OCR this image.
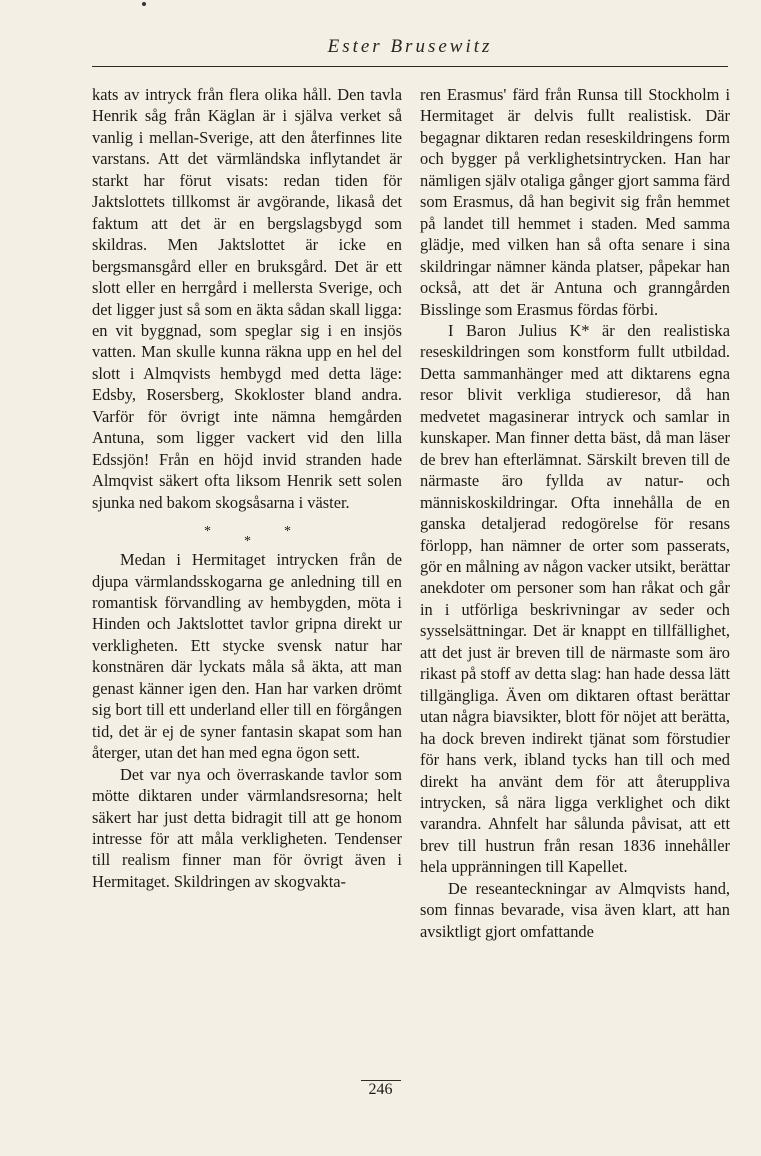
Ester Brusewitz

kats av intryck från flera olika håll. Den tavla Henrik såg från Käglan är i själva verket så vanlig i mellan-Sverige, att den återfinnes lite varstans. Att det värmländska inflytandet är starkt har förut visats: redan tiden för Jaktslottets tillkomst är avgörande, likaså det faktum att det är en bergslagsbygd som skildras. Men Jaktslottet är icke en bergsmansgård eller en bruksgård. Det är ett slott eller en herrgård i mellersta Sverige, och det ligger just så som en äkta sådan skall ligga: en vit byggnad, som speglar sig i en insjös vatten. Man skulle kunna räkna upp en hel del slott i Almqvists hembygd med detta läge: Edsby, Rosersberg, Skokloster bland andra. Varför för övrigt inte nämna hemgården Antuna, som ligger vackert vid den lilla Edssjön! Från en höjd invid stranden hade Almqvist säkert ofta liksom Henrik sett solen sjunka ned bakom skogsåsarna i väster.

*
*
*

Medan i Hermitaget intrycken från de djupa värmlandsskogarna ge anledning till en romantisk förvandling av hembygden, möta i Hinden och Jaktslottet tavlor gripna direkt ur verkligheten. Ett stycke svensk natur har konstnären där lyckats måla så äkta, att man genast känner igen den. Han har varken drömt sig bort till ett underland eller till en förgången tid, det är ej de syner fantasin skapat som han återger, utan det han med egna ögon sett.

Det var nya och överraskande tavlor som mötte diktaren under värmlandsresorna; helt säkert har just detta bidragit till att ge honom intresse för att måla verkligheten. Tendenser till realism finner man för övrigt även i Hermitaget. Skildringen av skogvakta-

ren Erasmus' färd från Runsa till Stockholm i Hermitaget är delvis fullt realistisk. Där begagnar diktaren redan reseskildringens form och bygger på verklighetsintrycken. Han har nämligen själv otaliga gånger gjort samma färd som Erasmus, då han begivit sig från hemmet på landet till hemmet i staden. Med samma glädje, med vilken han så ofta senare i sina skildringar nämner kända platser, påpekar han också, att det är Antuna och granngården Bisslinge som Erasmus fördas förbi.

I Baron Julius K* är den realistiska reseskildringen som konstform fullt utbildad. Detta sammanhänger med att diktarens egna resor blivit verkliga studieresor, då han medvetet magasinerar intryck och samlar in kunskaper. Man finner detta bäst, då man läser de brev han efterlämnat. Särskilt breven till de närmaste äro fyllda av natur- och människoskildringar. Ofta innehålla de en ganska detaljerad redogörelse för resans förlopp, han nämner de orter som passerats, gör en målning av någon vacker utsikt, berättar anekdoter om personer som han råkat och går in i utförliga beskrivningar av seder och sysselsättningar. Det är knappt en tillfällighet, att det just är breven till de närmaste som äro rikast på stoff av detta slag: han hade dessa lätt tillgängliga. Även om diktaren oftast berättar utan några biavsikter, blott för nöjet att berätta, ha dock breven indirekt tjänat som förstudier för hans verk, ibland tycks han till och med direkt ha använt dem för att återuppliva intrycken, så nära ligga verklighet och dikt varandra. Ahnfelt har sålunda påvisat, att ett brev till hustrun från resan 1836 innehåller hela uppränningen till Kapellet.

De reseanteckningar av Almqvists hand, som finnas bevarade, visa även klart, att han avsiktligt gjort omfattande

246
